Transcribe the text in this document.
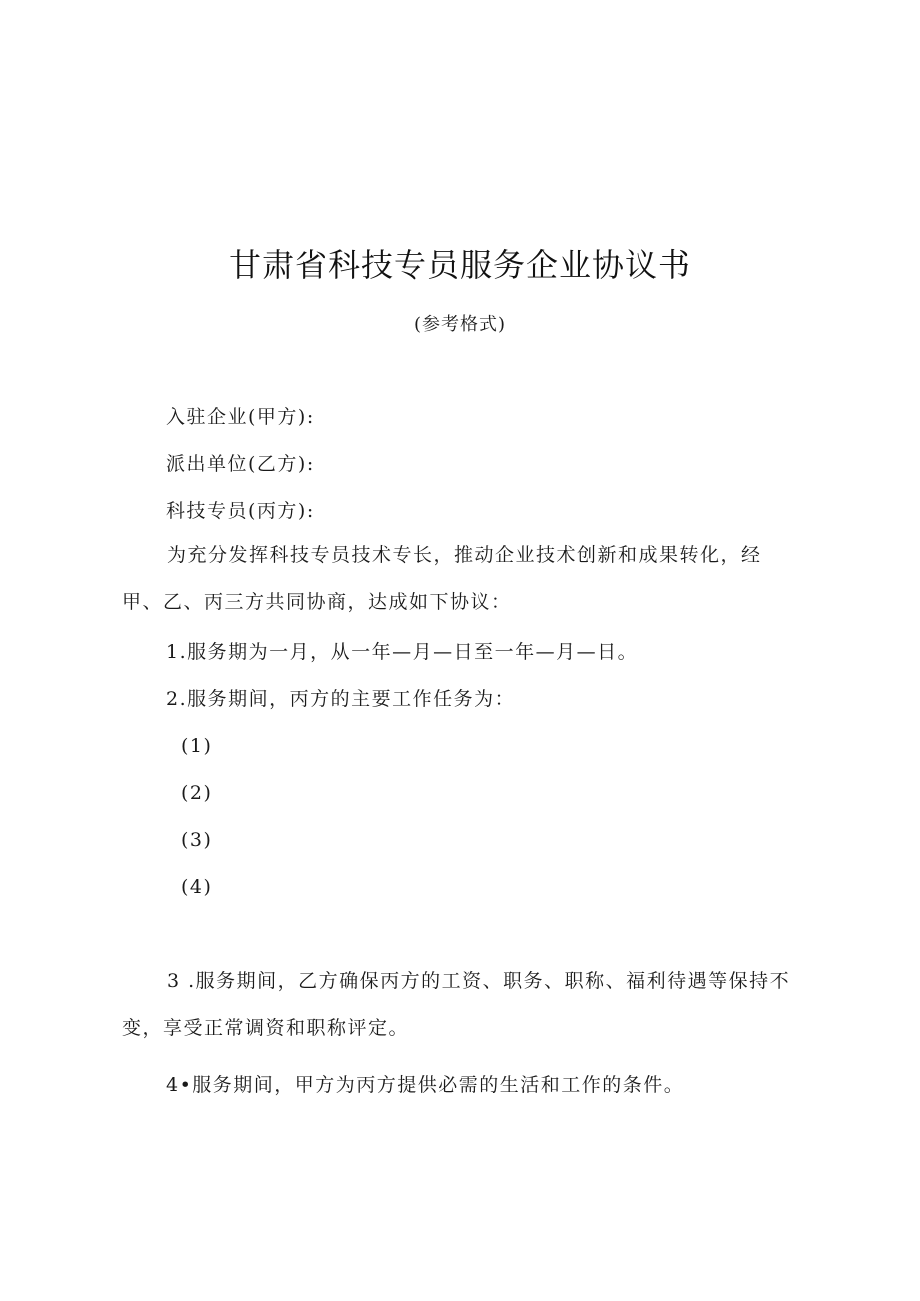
甘肃省科技专员服务企业协议书
(参考格式)
入驻企业(甲方):
派出单位(乙方):
科技专员(丙方):
为充分发挥科技专员技术专长，推动企业技术创新和成果转化，经甲、乙、丙三方共同协商，达成如下协议：
1.服务期为一月，从一年—月—日至一年—月—日。
2.服务期间，丙方的主要工作任务为：
(1)
(2)
(3)
(4)
3 .服务期间，乙方确保丙方的工资、职务、职称、福利待遇等保持不变，享受正常调资和职称评定。
4•服务期间，甲方为丙方提供必需的生活和工作的条件。
